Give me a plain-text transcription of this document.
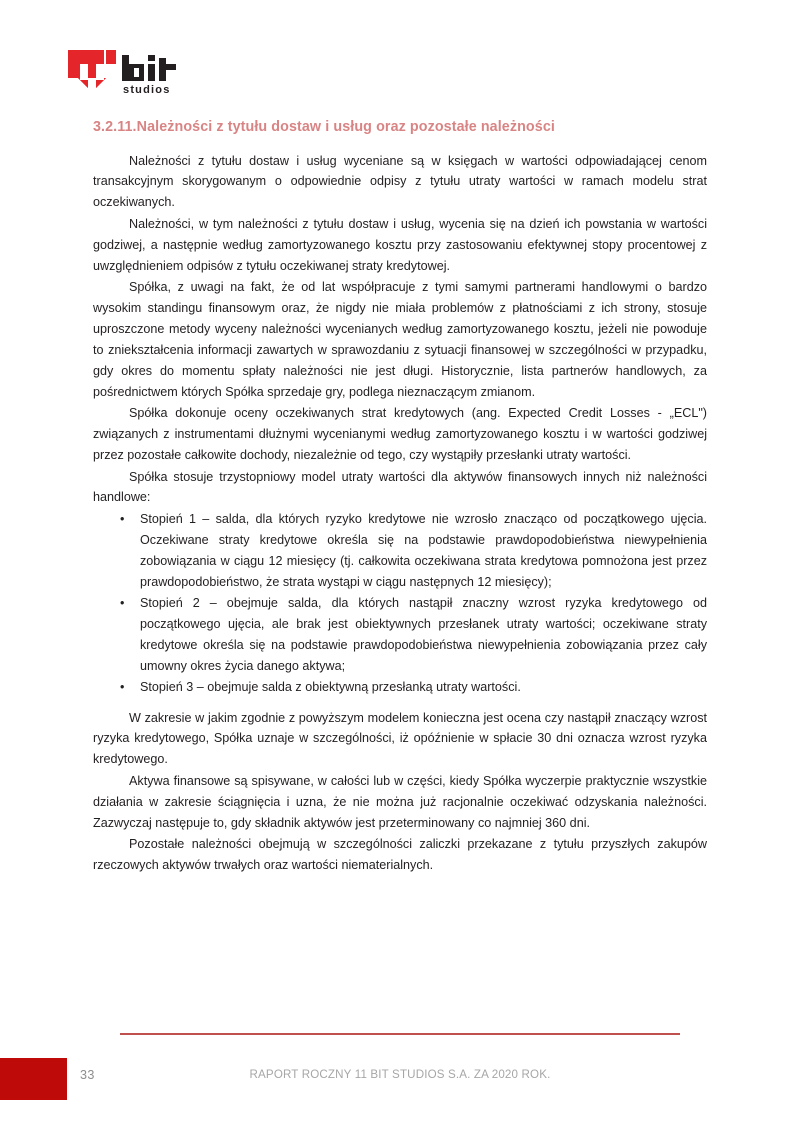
studios
3.2.11.Należności z tytułu dostaw i usług oraz pozostałe należności

Należności z tytułu dostaw i usług wyceniane są w księgach w wartości odpowiadającej cenom transakcyjnym skorygowanym o odpowiednie odpisy z tytułu utraty wartości w ramach modelu strat oczekiwanych.

Należności, w tym należności z tytułu dostaw i usług, wycenia się na dzień ich powstania w wartości godziwej, a następnie według zamortyzowanego kosztu przy zastosowaniu efektywnej stopy procentowej z uwzględnieniem odpisów z tytułu oczekiwanej straty kredytowej.

Spółka, z uwagi na fakt, że od lat współpracuje z tymi samymi partnerami handlowymi o bardzo wysokim standingu finansowym oraz, że nigdy nie miała problemów z płatnościami z ich strony, stosuje uproszczone metody wyceny należności wycenianych według zamortyzowanego kosztu, jeżeli nie powoduje to zniekształcenia informacji zawartych w sprawozdaniu z sytuacji finansowej w szczególności w przypadku, gdy okres do momentu spłaty należności nie jest długi. Historycznie, lista partnerów handlowych, za pośrednictwem których Spółka sprzedaje gry, podlega nieznaczącym zmianom.

Spółka dokonuje oceny oczekiwanych strat kredytowych (ang. Expected Credit Losses - „ECL") związanych z instrumentami dłużnymi wycenianymi według zamortyzowanego kosztu i w wartości godziwej przez pozostałe całkowite dochody, niezależnie od tego, czy wystąpiły przesłanki utraty wartości.

Spółka stosuje trzystopniowy model utraty wartości dla aktywów finansowych innych niż należności handlowe:

• Stopień 1 – salda, dla których ryzyko kredytowe nie wzrosło znacząco od początkowego ujęcia. Oczekiwane straty kredytowe określa się na podstawie prawdopodobieństwa niewypełnienia zobowiązania w ciągu 12 miesięcy (tj. całkowita oczekiwana strata kredytowa pomnożona jest przez prawdopodobieństwo, że strata wystąpi w ciągu następnych 12 miesięcy);
• Stopień 2 – obejmuje salda, dla których nastąpił znaczny wzrost ryzyka kredytowego od początkowego ujęcia, ale brak jest obiektywnych przesłanek utraty wartości; oczekiwane straty kredytowe określa się na podstawie prawdopodobieństwa niewypełnienia zobowiązania przez cały umowny okres życia danego aktywa;
• Stopień 3 – obejmuje salda z obiektywną przesłanką utraty wartości.

W zakresie w jakim zgodnie z powyższym modelem konieczna jest ocena czy nastąpił znaczący wzrost ryzyka kredytowego, Spółka uznaje w szczególności, iż opóźnienie w spłacie 30 dni oznacza wzrost ryzyka kredytowego.

Aktywa finansowe są spisywane, w całości lub w części, kiedy Spółka wyczerpie praktycznie wszystkie działania w zakresie ściągnięcia i uzna, że nie można już racjonalnie oczekiwać odzyskania należności. Zazwyczaj następuje to, gdy składnik aktywów jest przeterminowany co najmniej 360 dni.

Pozostałe należności obejmują w szczególności zaliczki przekazane z tytułu przyszłych zakupów rzeczowych aktywów trwałych oraz wartości niematerialnych.

33	RAPORT ROCZNY 11 BIT STUDIOS S.A. ZA 2020 ROK.
